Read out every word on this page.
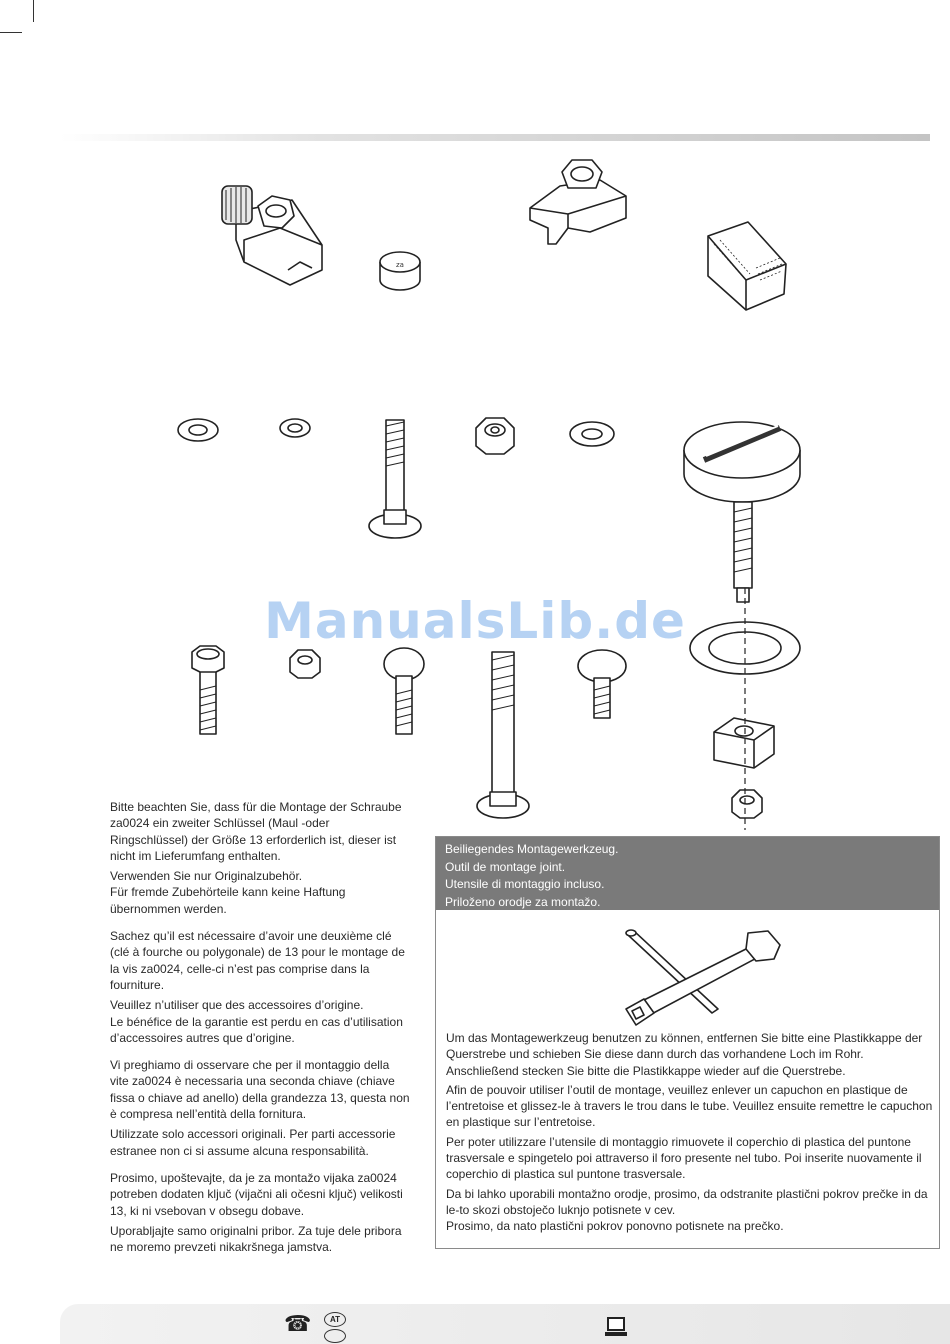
za
ManualsLib.de

Bitte beachten Sie, dass für die Montage der Schraube za0024 ein zweiter Schlüssel (Maul -oder Ringschlüssel) der Größe 13 erforderlich ist, dieser ist nicht im Lieferumfang enthalten.

Verwenden Sie nur Originalzubehör.

Für fremde Zubehörteile kann keine Haftung übernommen werden.

Sachez qu’il est nécessaire d’avoir une deuxième clé (clé à fourche ou polygonale) de 13 pour le montage de la vis za0024, celle-ci n’est pas comprise dans la fourniture.

Veuillez n’utiliser que des accessoires d’origine.

Le bénéfice de la garantie est perdu en cas d’utilisation d’accessoires autres que d’origine.

Vi preghiamo di osservare che per il montaggio della vite za0024 è necessaria una seconda chiave (chiave fissa o chiave ad anello) della grandezza 13, questa non è compresa nell’entità della fornitura.

Utilizzate solo accessori originali. Per parti accessorie estranee non ci si assume alcuna responsabilità.

Prosimo, upoštevajte, da je za montažo vijaka za0024 potreben dodaten ključ (vijačni ali očesni ključ) velikosti 13, ki ni vsebovan v obsegu dobave.

Uporabljajte samo originalni pribor. Za tuje dele pribora ne moremo prevzeti nikakršnega jamstva.

Beiliegendes Montagewerkzeug.
Outil de montage joint.
Utensile di montaggio incluso.
Priloženo orodje za montažo.

Um das Montagewerkzeug benutzen zu können, entfernen Sie bitte eine Plastikkappe der Querstrebe und schieben Sie diese dann durch das vorhandene Loch im Rohr. Anschließend stecken Sie bitte die Plastikkappe wieder auf die Querstrebe.

Afin de pouvoir utiliser l’outil de montage, veuillez enlever un capuchon en plastique de l’entretoise et glissez-le à travers le trou dans le tube. Veuillez ensuite remettre le capuchon en plastique sur l’entretoise.

Per poter utilizzare l’utensile di montaggio rimuovete il coperchio di plastica del puntone trasversale e spingetelo poi attraverso il foro presente nel tubo. Poi inserite nuovamente il coperchio di plastica sul puntone trasversale.

Da bi lahko uporabili montažno orodje, prosimo, da odstranite plastični pokrov prečke in da le-to skozi obstoječo luknjo potisnete v cev.

Prosimo, da nato plastični pokrov ponovno potisnete na prečko.

☎	AT
